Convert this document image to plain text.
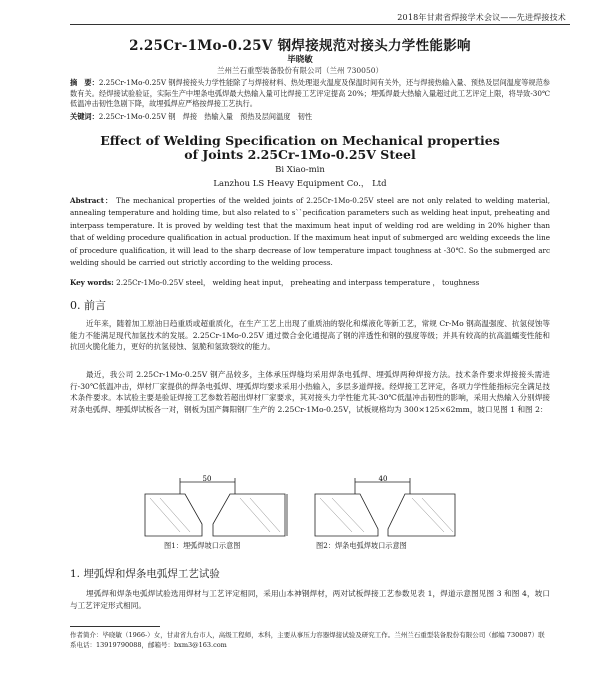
2018年甘肃省焊接学术会议——先进焊接技术
2.25Cr-1Mo-0.25V 钢焊接规范对接头力学性能影响
毕晓敏
兰州兰石重型装备股份有限公司（兰州 730050）
摘　要：2.25Cr-1Mo-0.25V 钢焊接接头力学性能除了与焊接材料、热处理退火温度及保温时间有关外，还与焊接热输入量、预热及层间温度等规范参数有关。经焊接试验验证，实际生产中埋条电弧焊最大热输入量可比焊接工艺评定提高 20%；埋弧焊最大热输入量超过此工艺评定上限，将导致-30℃低温冲击韧性急剧下降，故埋弧焊应严格按焊接工艺执行。
关键词：2.25Cr-1Mo-0.25V 钢　焊接　热输入量　预热及层间温度　韧性
Effect of Welding Specification on Mechanical properties
of Joints 2.25Cr-1Mo-0.25V Steel
Bi Xiao-min
Lanzhou LS Heavy Equipment Co.， Ltd
Abstract： The mechanical properties of the welded joints of 2.25Cr-1Mo-0.25V steel are not only related to welding material, annealing temperature and holding time, but also related to s``pecification parameters such as welding heat input, preheating and interpass temperature. It is proved by welding test that the maximum heat input of welding rod are welding in 20% higher than that of welding procedure qualification in actual production. If the maximum heat input of submerged arc welding exceeds the line of procedure qualification, it will lead to the sharp decrease of low temperature impact toughness at -30℃. So the submerged arc welding should be carried out strictly according to the welding process.
Key words: 2.25Cr-1Mo-0.25V steel， welding heat input， preheating and interpass temperature ， toughness
0. 前言
近年来，随着加工原油日趋重质或超重质化，在生产工艺上出现了重质油的裂化和煤液化等新工艺，常规 Cr-Mo 钢高温强度、抗氢侵蚀等能力不能满足现代加氢技术的发展。2.25Cr-1Mo-0.25V 通过微合金化通提高了钢的淬透性和钢的强度等级；并具有较高的抗高温蠕变性能和抗回火脆化能力，更好的抗氢侵蚀、氢脆和氢致裂纹的能力。
最近，我公司 2.25Cr-1Mo-0.25V 钢产品较多，主体承压焊缝均采用焊条电弧焊、埋弧焊两种焊接方法。技术条件要求焊接接头需进行-30℃低温冲击，焊材厂家提供的焊条电弧焊、埋弧焊均要求采用小热输入，多层多道焊接。经焊接工艺评定，各项力学性能指标完全满足技术条件要求。本试验主要是验证焊接工艺参数若超出焊材厂家要求，其对接头力学性能尤其-30℃低温冲击韧性的影响，采用大热输入分别焊接对条电弧焊、埋弧焊试板各一对，钢板为国产舞阳钢厂生产的 2.25Cr-1Mo-0.25V，试板规格均为 300×125×62mm，坡口见图 1 和图 2：
50	40
图1：埋弧焊坡口示意图	图2：焊条电弧焊坡口示意图
1. 埋弧焊和焊条电弧焊工艺试验
埋弧焊和焊条电弧焊试验选用焊材与工艺评定相同，采用山本神钢焊材，两对试板焊接工艺参数见表 1，焊道示意图见图 3 和图 4，坡口与工艺评定形式相同。
作者简介：毕晓敏（1966-）女，甘肃省九台市人，高级工程师，本科，主要从事压力容器焊接试验及研究工作。兰州兰石重型装备股份有限公司（邮编 730087）联系电话：13919790088，邮箱号：bxm3@163.com
